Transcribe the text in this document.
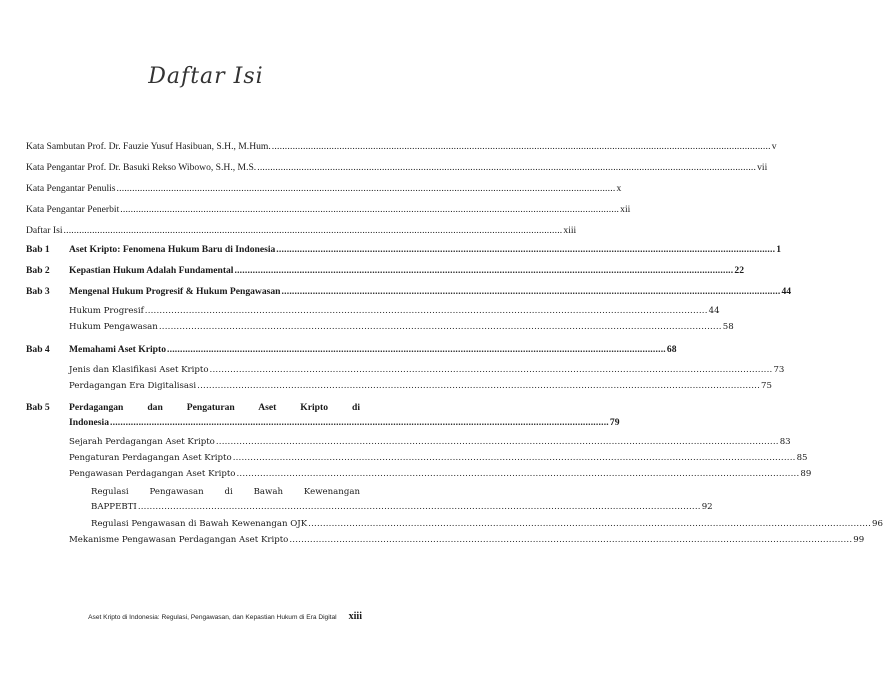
Daftar Isi
Kata Sambutan Prof. Dr. Fauzie Yusuf Hasibuan, S.H., M.Hum. .....	v
Kata Pengantar Prof. Dr. Basuki Rekso Wibowo, S.H., M.S. .....	vii
Kata Pengantar Penulis .....	x
Kata Pengantar Penerbit .....	xii
Daftar Isi .....	xiii
Bab 1 Aset Kripto: Fenomena Hukum Baru di Indonesia .....	1
Bab 2 Kepastian Hukum Adalah Fundamental .....	22
Bab 3 Mengenal Hukum Progresif & Hukum Pengawasan .....	44
Hukum Progresif .....	44
Hukum Pengawasan .....	58
Bab 4 Memahami Aset Kripto .....	68
Jenis dan Klasifikasi Aset Kripto .....	73
Perdagangan Era Digitalisasi .....	75
Bab 5 Perdagangan dan Pengaturan Aset Kripto di
Indonesia .....	79
Sejarah Perdagangan Aset Kripto .....	83
Pengaturan Perdagangan Aset Kripto .....	85
Pengawasan Perdagangan Aset Kripto .....	89
Regulasi Pengawasan di Bawah Kewenangan
BAPPEBTI .....	92
Regulasi Pengawasan di Bawah Kewenangan OJK .....	96
Mekanisme Pengawasan Perdagangan Aset Kripto .....	99
Aset Kripto di Indonesia: Regulasi, Pengawasan, dan Kepastian Hukum di Era Digital xiii
